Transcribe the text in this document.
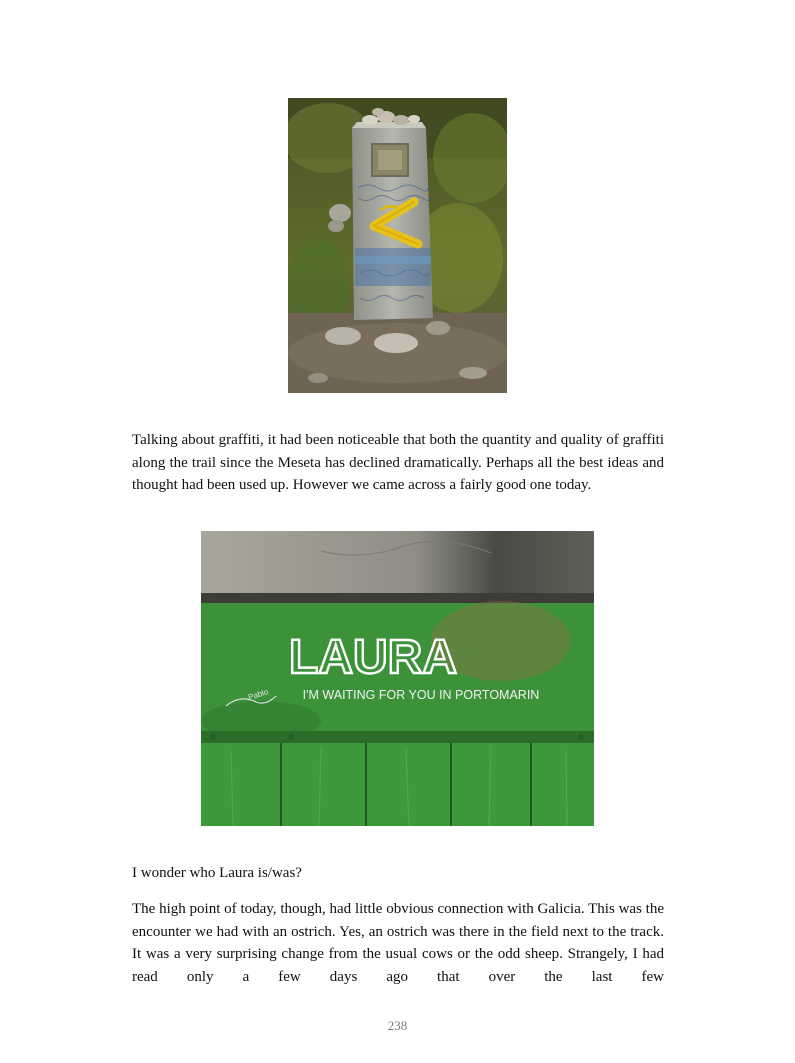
Talking about graffiti, it had been noticeable that both the quantity and quality of graffiti along the trail since the Meseta has declined dramatically. Perhaps all the best ideas and thought had been used up. However we came across a fairly good one today.

LAURA
I'M WAITING FOR YOU IN PORTOMARIN
Pablo

I wonder who Laura is/was?

The high point of today, though, had little obvious connection with Galicia. This was the encounter we had with an ostrich. Yes, an ostrich was there in the field next to the track. It was a very surprising change from the usual cows or the odd sheep. Strangely, I had read only a few days ago that over the last few

238
